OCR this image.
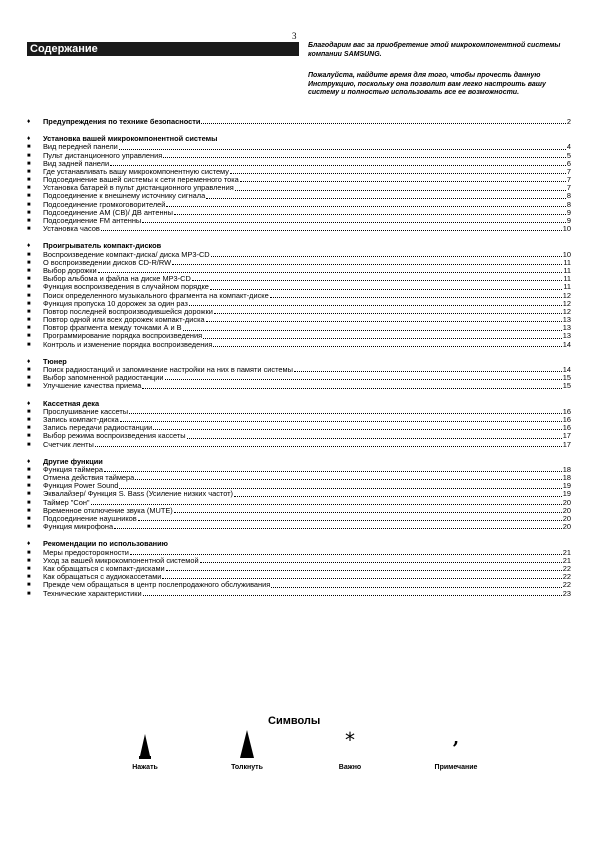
3
Содержание	Благодарим вас за приобретение этой микрокомпонентной системы компании SAMSUNG.

Пожалуйста, найдите время для того, чтобы прочесть данную Инструкцию, поскольку она позволит вам легко настроить вашу систему и полностью использовать все ее возможности.

♦	Предупреждения по технике безопасности	2
♦	Установка вашей микрокомпонентной системы
■	Вид передней панели	4
■	Пульт дистанционного управления	5
■	Вид задней панели	6
■	Где устанавливать вашу микрокомпонентную систему	7
■	Подсоединение вашей системы к сети переменного тока	7
■	Установка батарей в пульт дистанционного управления	7
■	Подсоединение к внешнему источнику сигнала	8
■	Подсоединение громкоговорителей	8
■	Подсоединение АМ (СВ)/ ДВ антенны	9
■	Подсоединение FM антенны	9
■	Установка часов	10
♦	Проигрыватель компакт-дисков
■	Воспроизведение компакт-диска/ диска MP3-CD	10
■	О воспроизведении дисков CD-R/RW	11
■	Выбор дорожки	11
■	Выбор альбома и файла на диске MP3-CD	11
■	Функция воспроизведения в случайном порядке	11
■	Поиск определенного музыкального фрагмента на компакт-диске	12
■	Функция пропуска 10 дорожек за один раз	12
■	Повтор последней воспроизводившейся дорожки	12
■	Повтор одной или всех дорожек компакт-диска	13
■	Повтор фрагмента между точками А и В	13
■	Программирование порядка воспроизведения	13
■	Контроль и изменение порядка воспроизведения	14
♦	Тюнер
■	Поиск радиостанций и запоминание настройки на них в памяти системы	14
■	Выбор запомненной радиостанции	15
■	Улучшение качества приема	15
♦	Кассетная дека
■	Прослушивание кассеты	16
■	Запись компакт-диска	16
■	Запись передачи радиостанции	16
■	Выбор режима воспроизведения кассеты	17
■	Счетчик ленты	17
♦	Другие функции
■	Функция таймера	18
■	Отмена действия таймера	18
■	Функция Power Sound	19
■	Эквалайзер/ Функция S. Bass (Усиление низких частот)	19
■	Таймер "Сон"	20
■	Временное отключение звука (MUTE)	20
■	Подсоединение наушников	20
■	Функция микрофона	20
♦	Рекомендации по использованию
■	Меры предосторожности	21
■	Уход за вашей микрокомпонентной системой	21
■	Как обращаться с компакт-дисками	22
■	Как обращаться с аудиокассетами	22
■	Прежде чем обращаться в центр послепродажного обслуживания	22
■	Технические характеристики	23
Символы
Нажать	Толкнуть
*
Важно
,
Примечание
